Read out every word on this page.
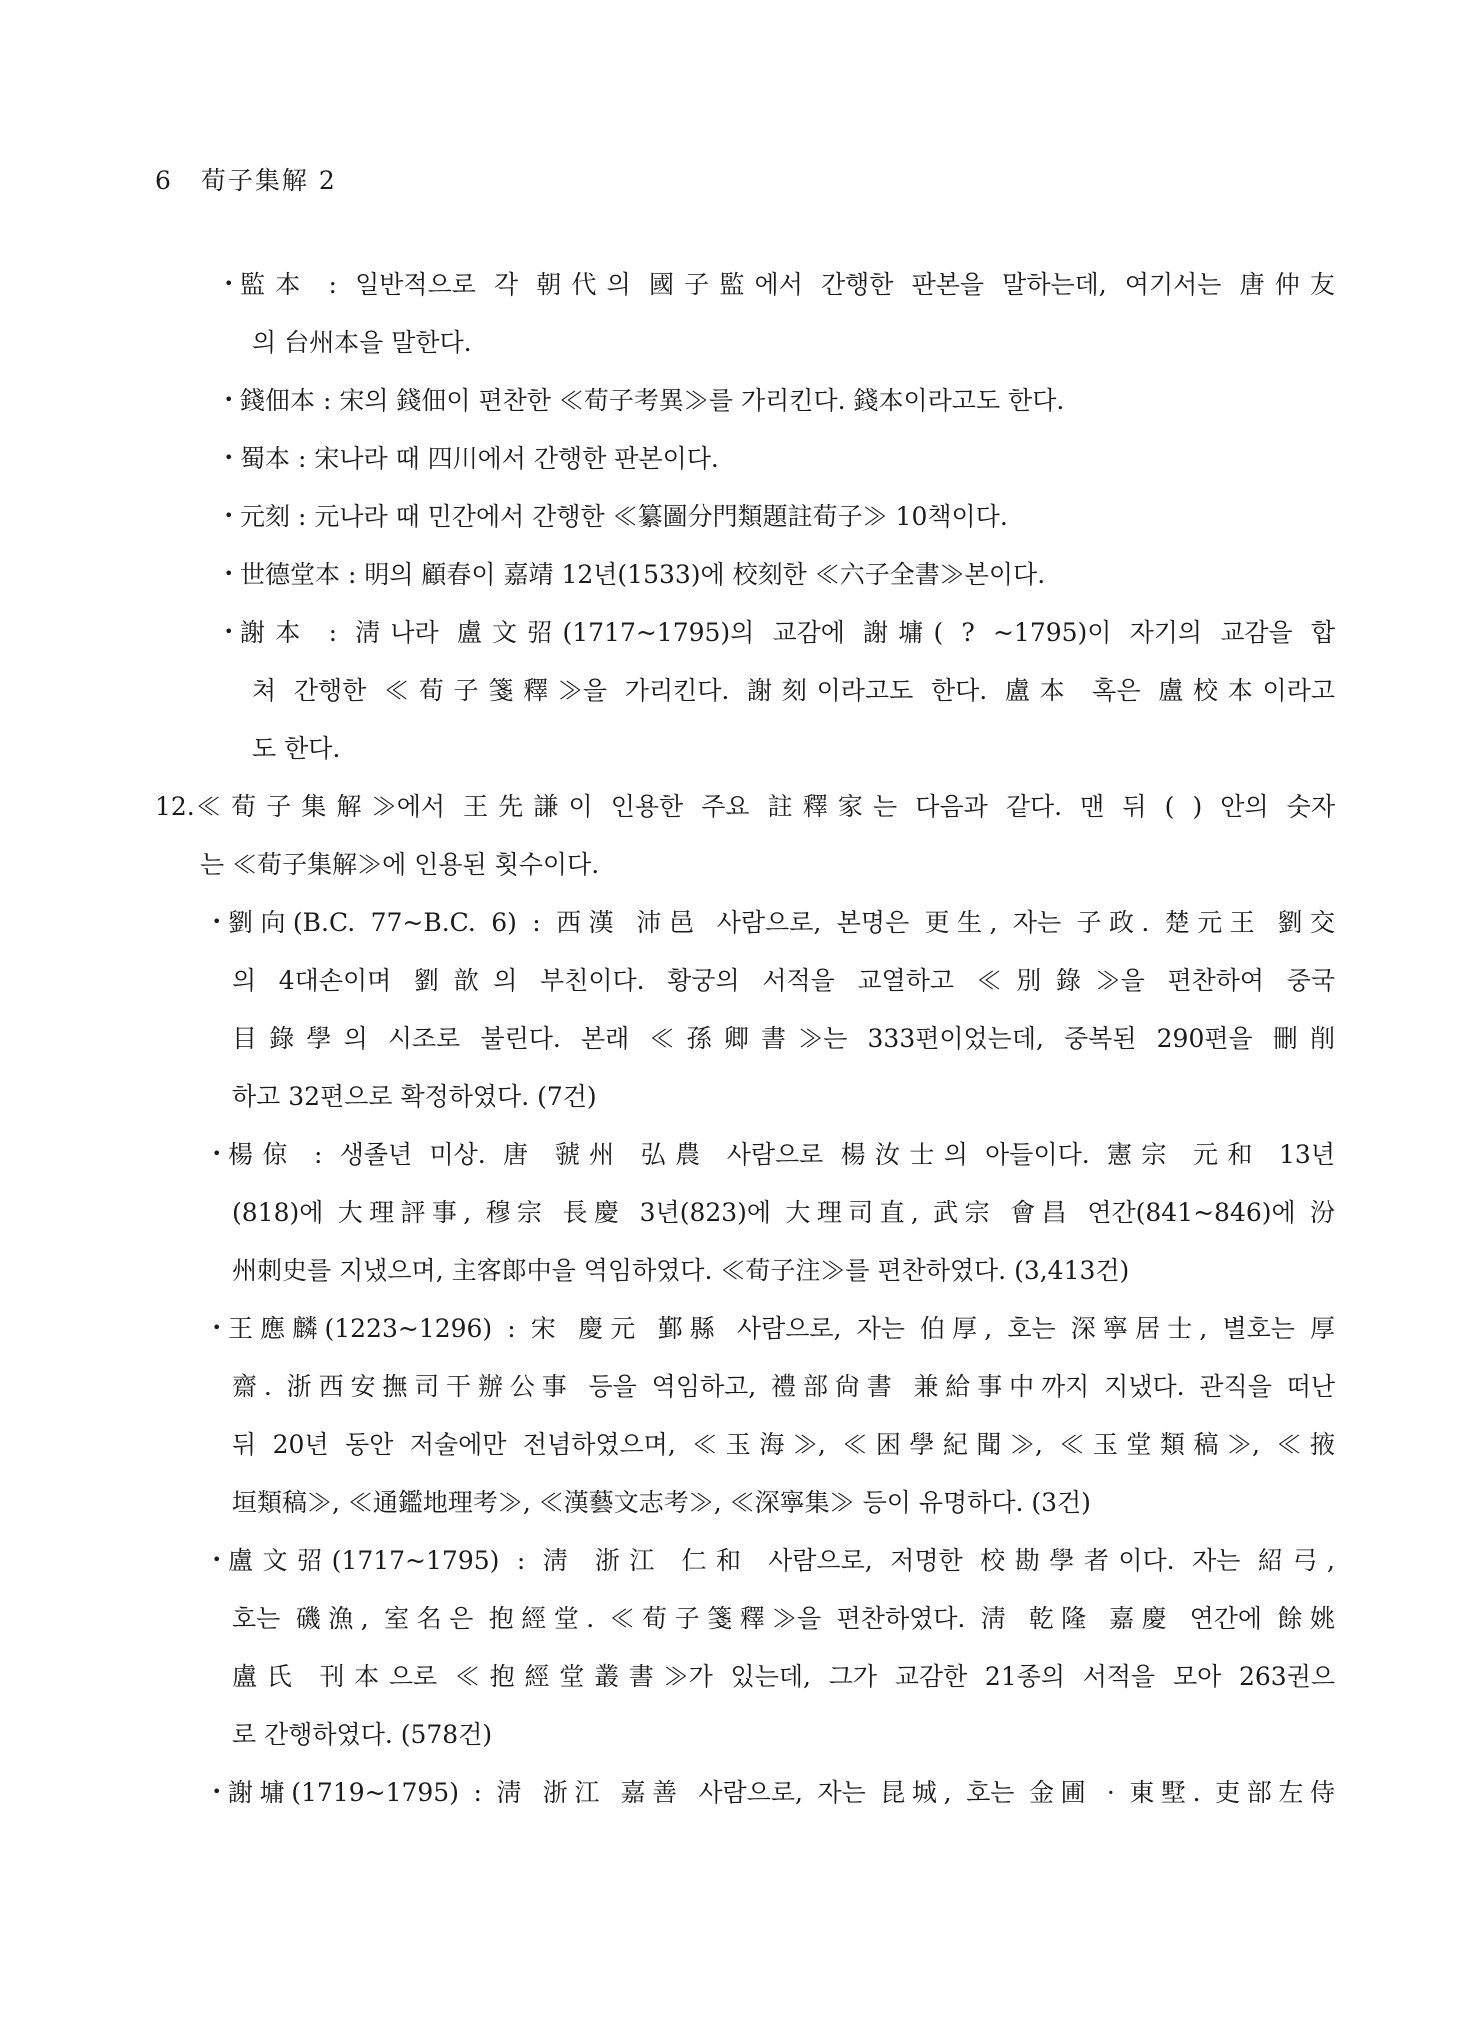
6 荀子集解 2
• 監本 : 일반적으로 각 朝代의 國子監에서 간행한 판본을 말하는데, 여기서는 唐仲友
의 台州本을 말한다.
• 錢佃本 : 宋의 錢佃이 편찬한 ≪荀子考異≫를 가리킨다. 錢本이라고도 한다.
• 蜀本 : 宋나라 때 四川에서 간행한 판본이다.
• 元刻 : 元나라 때 민간에서 간행한 ≪纂圖分門類題註荀子≫ 10책이다.
• 世德堂本 : 明의 顧春이 嘉靖 12년(1533)에 校刻한 ≪六子全書≫본이다.
• 謝本 : 淸나라 盧文弨(1717~1795)의 교감에 謝墉( ? ~1795)이 자기의 교감을 합
쳐 간행한 ≪荀子箋釋≫을 가리킨다. 謝刻이라고도 한다. 盧本 혹은 盧校本이라고
도 한다.
12. ≪荀子集解≫에서 王先謙이 인용한 주요 註釋家는 다음과 같다. 맨 뒤 ( ) 안의 숫자
는 ≪荀子集解≫에 인용된 횟수이다.
• 劉向(B.C. 77~B.C. 6) : 西漢 沛邑 사람으로, 본명은 更生, 자는 子政. 楚元王 劉交
의 4대손이며 劉歆의 부친이다. 황궁의 서적을 교열하고 ≪別錄≫을 편찬하여 중국
目錄學의 시조로 불린다. 본래 ≪孫卿書≫는 333편이었는데, 중복된 290편을 刪削
하고 32편으로 확정하였다. (7건)
• 楊倞 : 생졸년 미상. 唐 虢州 弘農 사람으로 楊汝士의 아들이다. 憲宗 元和 13년
(818)에 大理評事, 穆宗 長慶 3년(823)에 大理司直, 武宗 會昌 연간(841~846)에 汾
州刺史를 지냈으며, 主客郞中을 역임하였다. ≪荀子注≫를 편찬하였다. (3,413건)
• 王應麟(1223~1296) : 宋 慶元 鄞縣 사람으로, 자는 伯厚, 호는 深寧居士, 별호는 厚
齋. 浙西安撫司干辦公事 등을 역임하고, 禮部尙書 兼給事中까지 지냈다. 관직을 떠난
뒤 20년 동안 저술에만 전념하였으며, ≪玉海≫, ≪困學紀聞≫, ≪玉堂類稿≫, ≪掖
垣類稿≫, ≪通鑑地理考≫, ≪漢藝文志考≫, ≪深寧集≫ 등이 유명하다. (3건)
• 盧文弨(1717~1795) : 淸 浙江 仁和 사람으로, 저명한 校勘學者이다. 자는 紹弓,
호는 磯漁, 室名은 抱經堂. ≪荀子箋釋≫을 편찬하였다. 淸 乾隆 嘉慶 연간에 餘姚
盧氏 刊本으로 ≪抱經堂叢書≫가 있는데, 그가 교감한 21종의 서적을 모아 263권으
로 간행하였다. (578건)
• 謝墉(1719~1795) : 淸 浙江 嘉善 사람으로, 자는 昆城, 호는 金圃 · 東墅. 吏部左侍
